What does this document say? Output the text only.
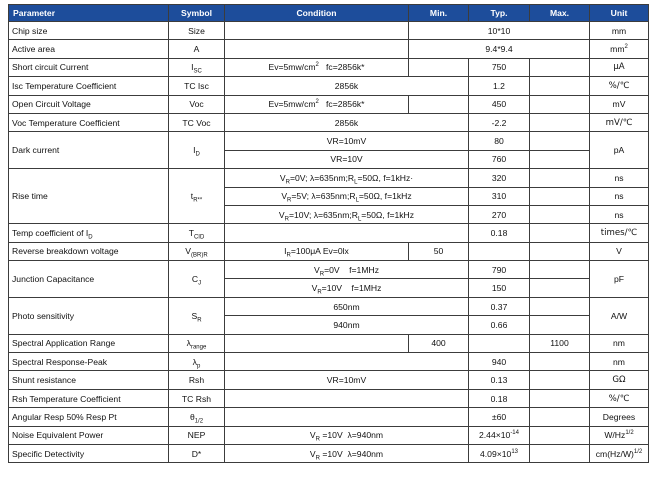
Parameter	Symbol	Condition	Min.	Typ.	Max.	Unit
Chip size	Size		10*10			mm
Active area	A		9.4*9.4			$mm^2$
Short circuit Current	$I_{SC}$	$Ev=5mw/cm^2$ fc=2856k*		750		μA
Isc Temperature Coefficient	TC Isc	2856k		1.2		%/℃
Open Circuit Voltage	Voc	$Ev=5mw/cm^2$ fc=2856k*		450		mV
Voc Temperature Coefficient	TC Voc	2856k		-2.2		mV/℃
Dark current	$I_D$	VR=10mV		80		pA
		VR=10V		760		
Rise time	$t_{R**}$	$V_R=0V$; $\lambda=635nm;R_L=50\Omega$, f=1kHz·		320		ns
		$V_R=5V$; $\lambda=635nm;R_L=50\Omega$, f=1kHz		310		ns
		$V_R=10V$; $\lambda=635nm;R_L=50\Omega$, f=1kHz		270		ns
Temp coefficient of $I_D$	$T_{CID}$			0.18		times/℃
Reverse breakdown voltage	$V_{(BR)R}$	$I_R=100\mu A$ Ev=0lx	50			V
Junction Capacitance	$C_J$	$V_R=0V$    f=1MHz		790		pF
		$V_R=10V$    f=1MHz		150		
Photo sensitivity	$S_R$	650nm		0.37		A/W
		940nm		0.66		
Spectral Application Range	$\lambda_{range}$		400		1100	nm
Spectral Response-Peak	$\lambda_p$			940		nm
Shunt resistance	Rsh	VR=10mV		0.13		GΩ
Rsh Temperature Coefficient	TC Rsh			0.18		%/℃
Angular Resp 50% Resp Pt	$\theta_{1/2}$			±60		Degrees
Noise Equivalent Power	NEP	$V_R =10V$  λ=940nm		$2.44\times 10^{-14}$		$W/Hz^{1/2}$
Specific Detectivity	D*	$V_R =10V$  λ=940nm		$4.09\times 10^{13}$		$cm(Hz/W)^{1/2}$
